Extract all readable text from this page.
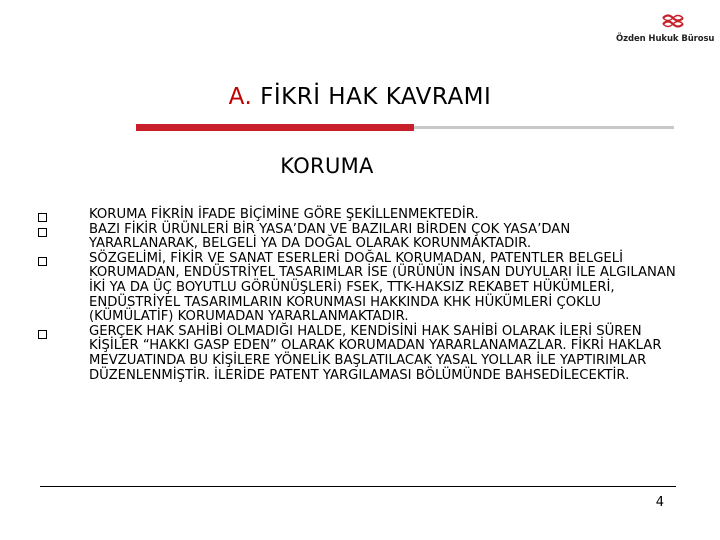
Özden Hukuk Bürosu
A. FİKRİ HAK KAVRAMI
KORUMA
KORUMA FİKRİN İFADE BİÇİMİNE GÖRE ŞEKİLLENMEKTEDİR.
BAZI FİKİR ÜRÜNLERİ BİR YASA’DAN VE BAZILARI BİRDEN ÇOK YASA’DAN YARARLANARAK, BELGELİ YA DA DOĞAL OLARAK KORUNMAKTADIR.
SÖZGELİMİ, FİKİR VE SANAT ESERLERİ DOĞAL KORUMADAN, PATENTLER BELGELİ KORUMADAN, ENDÜSTRİYEL TASARIMLAR İSE (ÜRÜNÜN İNSAN DUYULARI İLE ALGILANAN İKİ YA DA ÜÇ BOYUTLU GÖRÜNÜŞLERİ) FSEK, TTK-HAKSIZ REKABET HÜKÜMLERİ, ENDÜSTRİYEL TASARIMLARIN KORUNMASI HAKKINDA KHK HÜKÜMLERİ ÇOKLU (KÜMÜLATİF) KORUMADAN YARARLANMAKTADIR.
GERÇEK HAK SAHİBİ OLMADIĞI HALDE, KENDİSİNİ HAK SAHİBİ OLARAK İLERİ SÜREN KİŞİLER “HAKKI GASP EDEN” OLARAK KORUMADAN YARARLANAMAZLAR. FİKRİ HAKLAR MEVZUATINDA BU KİŞİLERE YÖNELİK BAŞLATILACAK YASAL YOLLAR İLE YAPTIRIMLAR DÜZENLENMİŞTİR. İLERİDE PATENT YARGILAMASI BÖLÜMÜNDE BAHSEDİLECEKTİR.
4
